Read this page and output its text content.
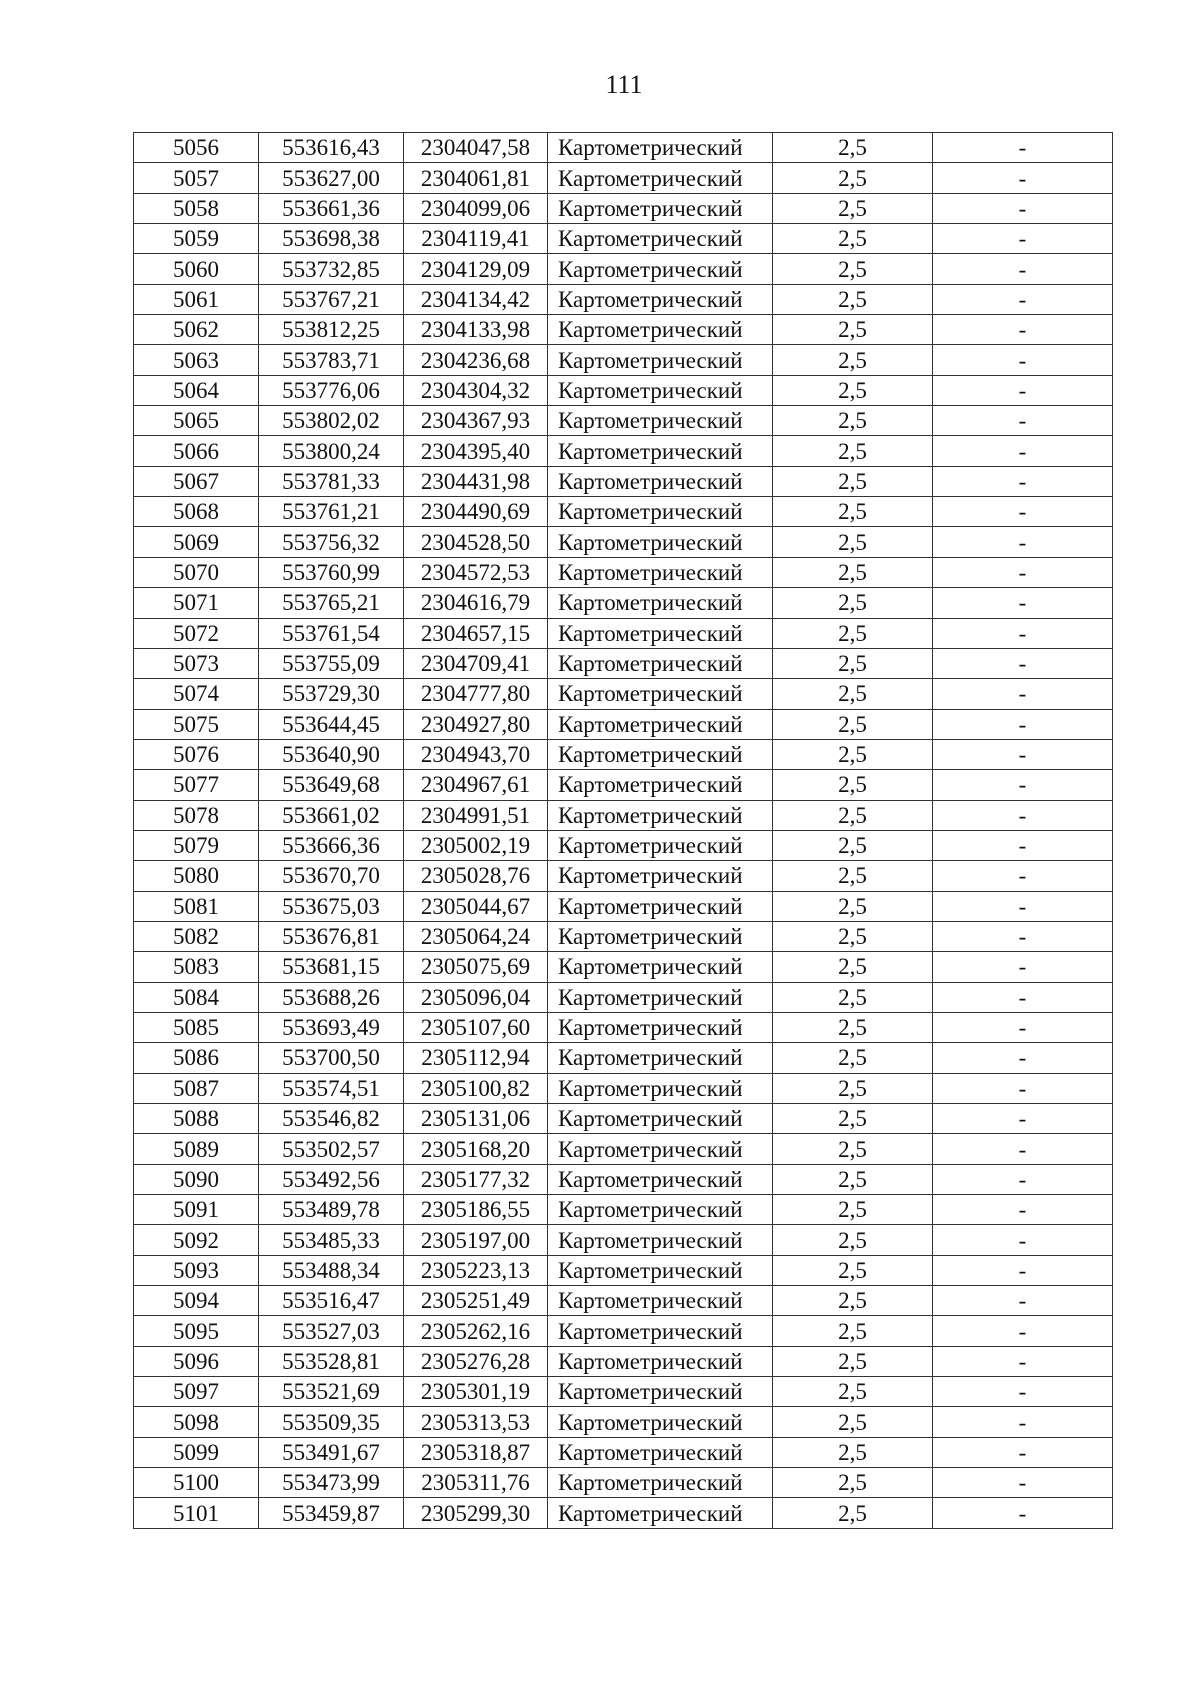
111
5056	553616,43	2304047,58	Картометрический	2,5	-
5057	553627,00	2304061,81	Картометрический	2,5	-
5058	553661,36	2304099,06	Картометрический	2,5	-
5059	553698,38	2304119,41	Картометрический	2,5	-
5060	553732,85	2304129,09	Картометрический	2,5	-
5061	553767,21	2304134,42	Картометрический	2,5	-
5062	553812,25	2304133,98	Картометрический	2,5	-
5063	553783,71	2304236,68	Картометрический	2,5	-
5064	553776,06	2304304,32	Картометрический	2,5	-
5065	553802,02	2304367,93	Картометрический	2,5	-
5066	553800,24	2304395,40	Картометрический	2,5	-
5067	553781,33	2304431,98	Картометрический	2,5	-
5068	553761,21	2304490,69	Картометрический	2,5	-
5069	553756,32	2304528,50	Картометрический	2,5	-
5070	553760,99	2304572,53	Картометрический	2,5	-
5071	553765,21	2304616,79	Картометрический	2,5	-
5072	553761,54	2304657,15	Картометрический	2,5	-
5073	553755,09	2304709,41	Картометрический	2,5	-
5074	553729,30	2304777,80	Картометрический	2,5	-
5075	553644,45	2304927,80	Картометрический	2,5	-
5076	553640,90	2304943,70	Картометрический	2,5	-
5077	553649,68	2304967,61	Картометрический	2,5	-
5078	553661,02	2304991,51	Картометрический	2,5	-
5079	553666,36	2305002,19	Картометрический	2,5	-
5080	553670,70	2305028,76	Картометрический	2,5	-
5081	553675,03	2305044,67	Картометрический	2,5	-
5082	553676,81	2305064,24	Картометрический	2,5	-
5083	553681,15	2305075,69	Картометрический	2,5	-
5084	553688,26	2305096,04	Картометрический	2,5	-
5085	553693,49	2305107,60	Картометрический	2,5	-
5086	553700,50	2305112,94	Картометрический	2,5	-
5087	553574,51	2305100,82	Картометрический	2,5	-
5088	553546,82	2305131,06	Картометрический	2,5	-
5089	553502,57	2305168,20	Картометрический	2,5	-
5090	553492,56	2305177,32	Картометрический	2,5	-
5091	553489,78	2305186,55	Картометрический	2,5	-
5092	553485,33	2305197,00	Картометрический	2,5	-
5093	553488,34	2305223,13	Картометрический	2,5	-
5094	553516,47	2305251,49	Картометрический	2,5	-
5095	553527,03	2305262,16	Картометрический	2,5	-
5096	553528,81	2305276,28	Картометрический	2,5	-
5097	553521,69	2305301,19	Картометрический	2,5	-
5098	553509,35	2305313,53	Картометрический	2,5	-
5099	553491,67	2305318,87	Картометрический	2,5	-
5100	553473,99	2305311,76	Картометрический	2,5	-
5101	553459,87	2305299,30	Картометрический	2,5	-
